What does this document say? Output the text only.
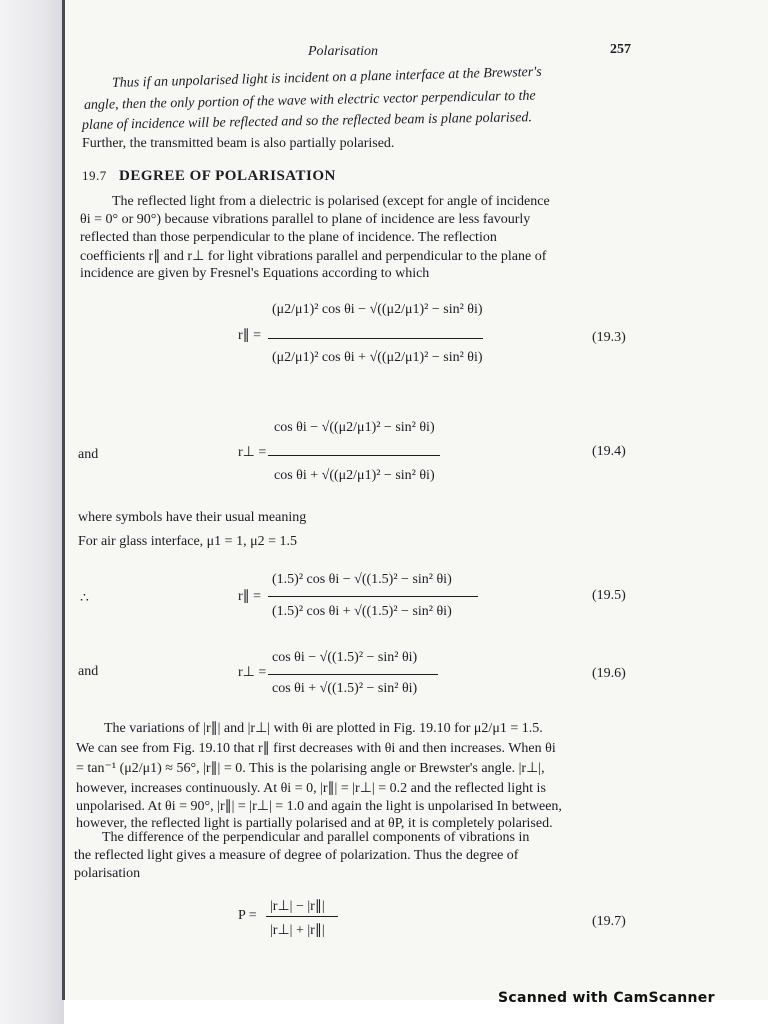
Polarisation	257
Thus if an unpolarised light is incident on a plane interface at the Brewster's
angle, then the only portion of the wave with electric vector perpendicular to the
plane of incidence will be reflected and so the reflected beam is plane polarised.
Further, the transmitted beam is also partially polarised.
19.7 DEGREE OF POLARISATION
The reflected light from a dielectric is polarised (except for angle of incidence
θi = 0° or 90°) because vibrations parallel to plane of incidence are less favourly
reflected than those perpendicular to the plane of incidence. The reflection
coefficients r∥ and r⊥ for light vibrations parallel and perpendicular to the plane of
incidence are given by Fresnel's Equations according to which
r∥ =
(μ2/μ1)² cos θi − √((μ2/μ1)² − sin² θi)
(μ2/μ1)² cos θi + √((μ2/μ1)² − sin² θi)
(19.3)
and	r⊥ =
cos θi − √((μ2/μ1)² − sin² θi)
cos θi + √((μ2/μ1)² − sin² θi)
(19.4)
where symbols have their usual meaning
For air glass interface, μ1 = 1, μ2 = 1.5
∴	r∥ =
(1.5)² cos θi − √((1.5)² − sin² θi)
(1.5)² cos θi + √((1.5)² − sin² θi)
(19.5)
and	r⊥ =
cos θi − √((1.5)² − sin² θi)
cos θi + √((1.5)² − sin² θi)
(19.6)
The variations of |r∥| and |r⊥| with θi are plotted in Fig. 19.10 for μ2/μ1 = 1.5.
We can see from Fig. 19.10 that r∥ first decreases with θi and then increases. When θi
= tan⁻¹ (μ2/μ1) ≈ 56°, |r∥| = 0. This is the polarising angle or Brewster's angle. |r⊥|,
however, increases continuously. At θi = 0, |r∥| = |r⊥| = 0.2 and the reflected light is
unpolarised. At θi = 90°, |r∥| = |r⊥| = 1.0 and again the light is unpolarised In between,
however, the reflected light is partially polarised and at θP, it is completely polarised.
The difference of the perpendicular and parallel components of vibrations in
the reflected light gives a measure of degree of polarization. Thus the degree of
polarisation
P =
|r⊥| − |r∥|
|r⊥| + |r∥|
(19.7)
Scanned with CamScanner
